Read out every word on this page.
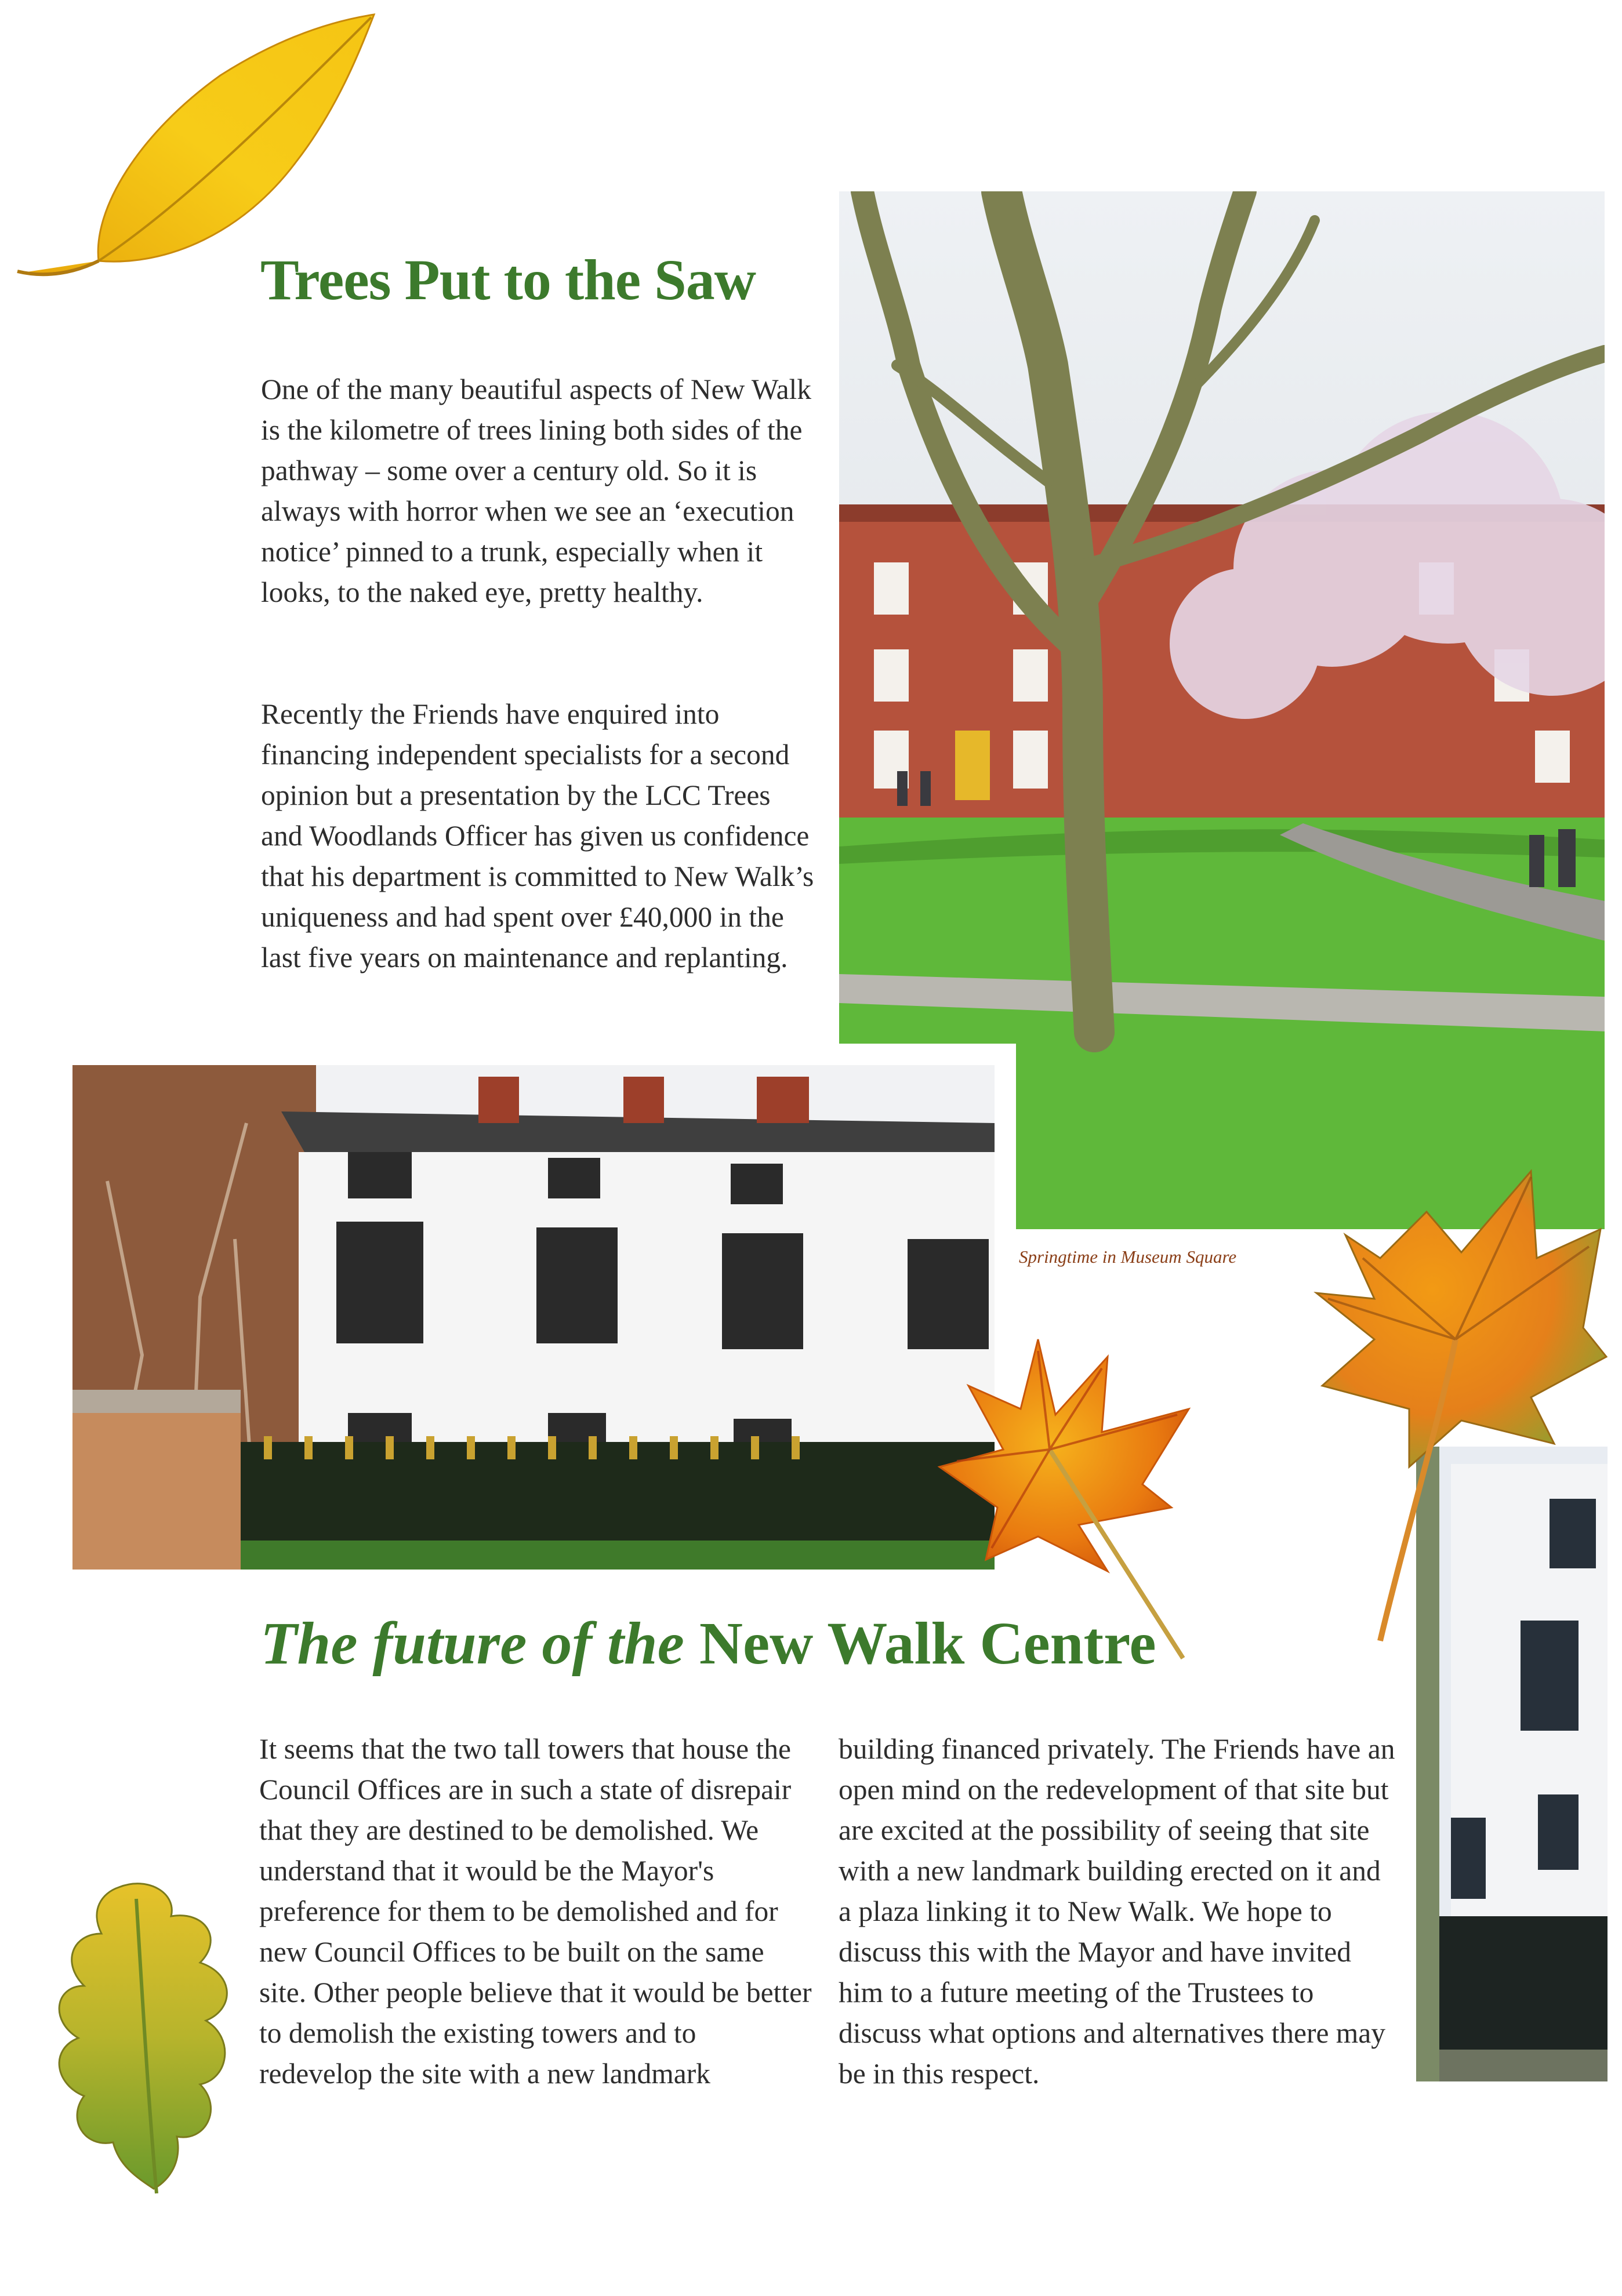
Trees Put to the Saw

One of the many beautiful aspects of New Walk is the kilometre of trees lining both sides of the pathway – some over a century old. So it is always with horror when we see an ‘execution notice’ pinned to a trunk, especially when it looks, to the naked eye, pretty healthy.

Recently the Friends have enquired into financing independent specialists for a second opinion but a presentation by the LCC Trees and Woodlands Officer has given us confidence that his department is committed to New Walk’s uniqueness and had spent over £40,000 in the last five years on maintenance and replanting.

Springtime in Museum Square
The future of the New Walk Centre

It seems that the two tall towers that house the Council Offices are in such a state of disrepair that they are destined to be demolished. We understand that it would be the Mayor's preference for them to be demolished and for new Council Offices to be built on the same site. Other people believe that it would be better to demolish the existing towers and to redevelop the site with a new landmark

building financed privately. The Friends have an open mind on the redevelopment of that site but are excited at the possibility of seeing that site with a new landmark building erected on it and a plaza linking it to New Walk. We hope to discuss this with the Mayor and have invited him to a future meeting of the Trustees to discuss what options and alternatives there may be in this respect.
